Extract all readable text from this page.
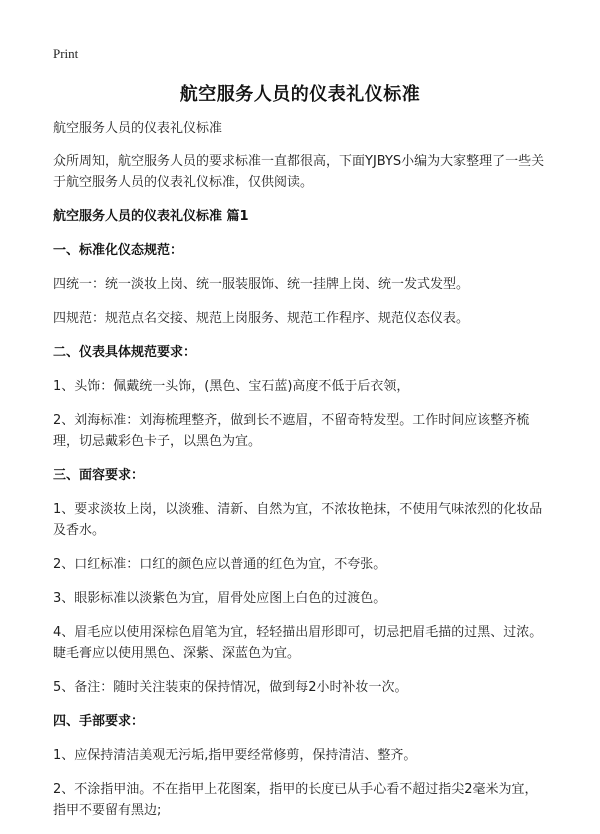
Print
航空服务人员的仪表礼仪标准

航空服务人员的仪表礼仪标准

众所周知，航空服务人员的要求标准一直都很高，下面YJBYS小编为大家整理了一些关于航空服务人员的仪表礼仪标准，仅供阅读。

航空服务人员的仪表礼仪标准 篇1

一、标准化仪态规范：

四统一：统一淡妆上岗、统一服装服饰、统一挂牌上岗、统一发式发型。

四规范：规范点名交接、规范上岗服务、规范工作程序、规范仪态仪表。

二、仪表具体规范要求：

1、头饰：佩戴统一头饰，(黑色、宝石蓝)高度不低于后衣领，

2、刘海标准：刘海梳理整齐，做到长不遮眉，不留奇特发型。工作时间应该整齐梳理，切忌戴彩色卡子，以黑色为宜。

三、面容要求：

1、要求淡妆上岗，以淡雅、清新、自然为宜，不浓妆艳抹，不使用气味浓烈的化妆品及香水。

2、口红标准：口红的颜色应以普通的红色为宜，不夸张。

3、眼影标准以淡紫色为宜，眉骨处应图上白色的过渡色。

4、眉毛应以使用深棕色眉笔为宜，轻轻描出眉形即可，切忌把眉毛描的过黑、过浓。睫毛膏应以使用黑色、深紫、深蓝色为宜。

5、备注：随时关注装束的保持情况，做到每2小时补妆一次。

四、手部要求：

1、应保持清洁美观无污垢,指甲要经常修剪，保持清洁、整齐。

2、不涂指甲油。不在指甲上花图案，指甲的长度已从手心看不超过指尖2毫米为宜，指甲不要留有黑边;
